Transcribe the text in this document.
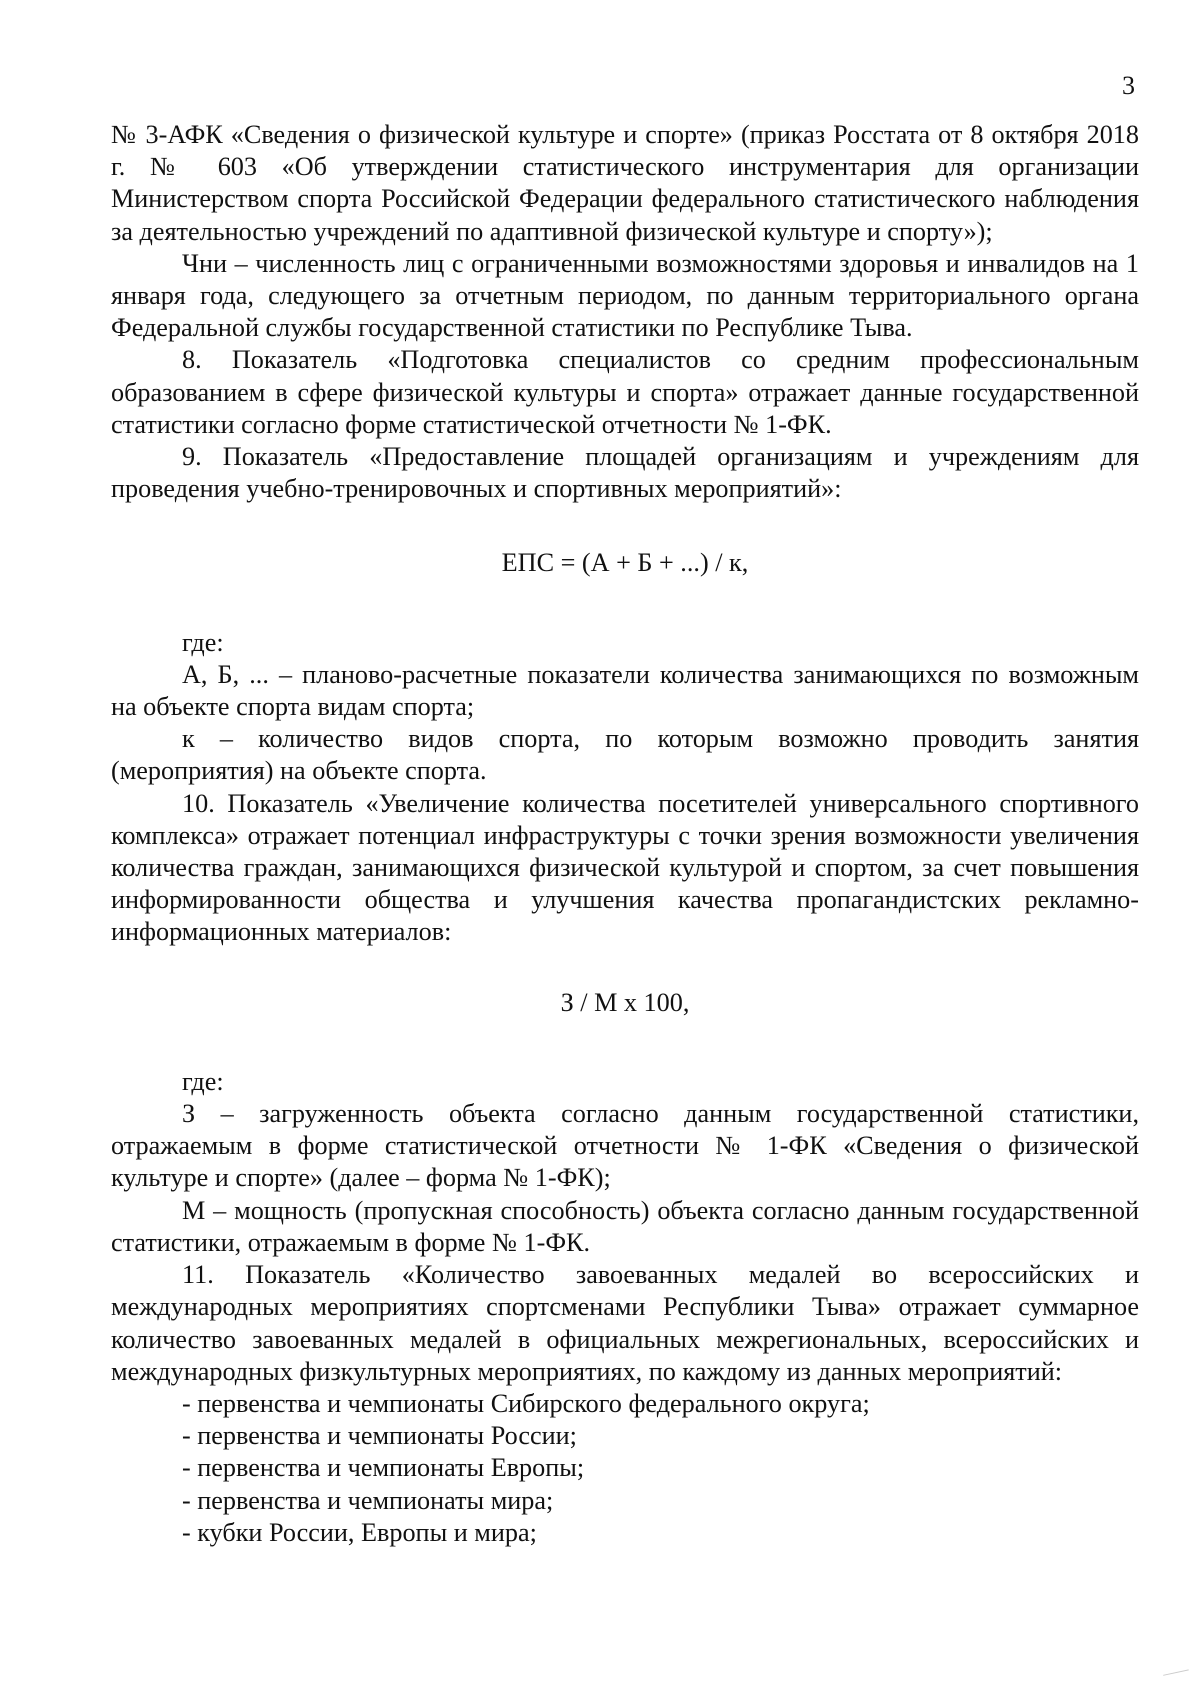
3

№ 3-АФК «Сведения о физической культуре и спорте» (приказ Росстата от 8 октября 2018 г. № 603 «Об утверждении статистического инструментария для организации Министерством спорта Российской Федерации федерального статистического наблюдения за деятельностью учреждений по адаптивной физической культуре и спорту»);

Чни – численность лиц с ограниченными возможностями здоровья и инвалидов на 1 января года, следующего за отчетным периодом, по данным территориального органа Федеральной службы государственной статистики по Республике Тыва.

8. Показатель «Подготовка специалистов со средним профессиональным образованием в сфере физической культуры и спорта» отражает данные государственной статистики согласно форме статистической отчетности № 1-ФК.

9. Показатель «Предоставление площадей организациям и учреждениям для проведения учебно-тренировочных и спортивных мероприятий»:

ЕПС = (А + Б + ...) / к,

где:

А, Б, ... – планово-расчетные показатели количества занимающихся по возможным на объекте спорта видам спорта;

к – количество видов спорта, по которым возможно проводить занятия (мероприятия) на объекте спорта.

10. Показатель «Увеличение количества посетителей универсального спортивного комплекса» отражает потенциал инфраструктуры с точки зрения возможности увеличения количества граждан, занимающихся физической культурой и спортом, за счет повышения информированности общества и улучшения качества пропагандистских рекламно-информационных материалов:

З / М х 100,

где:

З – загруженность объекта согласно данным государственной статистики, отражаемым в форме статистической отчетности № 1-ФК «Сведения о физической культуре и спорте» (далее – форма № 1-ФК);

М – мощность (пропускная способность) объекта согласно данным государственной статистики, отражаемым в форме № 1-ФК.

11. Показатель «Количество завоеванных медалей во всероссийских и международных мероприятиях спортсменами Республики Тыва» отражает суммарное количество завоеванных медалей в официальных межрегиональных, всероссийских и международных физкультурных мероприятиях, по каждому из данных мероприятий:

- первенства и чемпионаты Сибирского федерального округа;
- первенства и чемпионаты России;
- первенства и чемпионаты Европы;
- первенства и чемпионаты мира;
- кубки России, Европы и мира;
